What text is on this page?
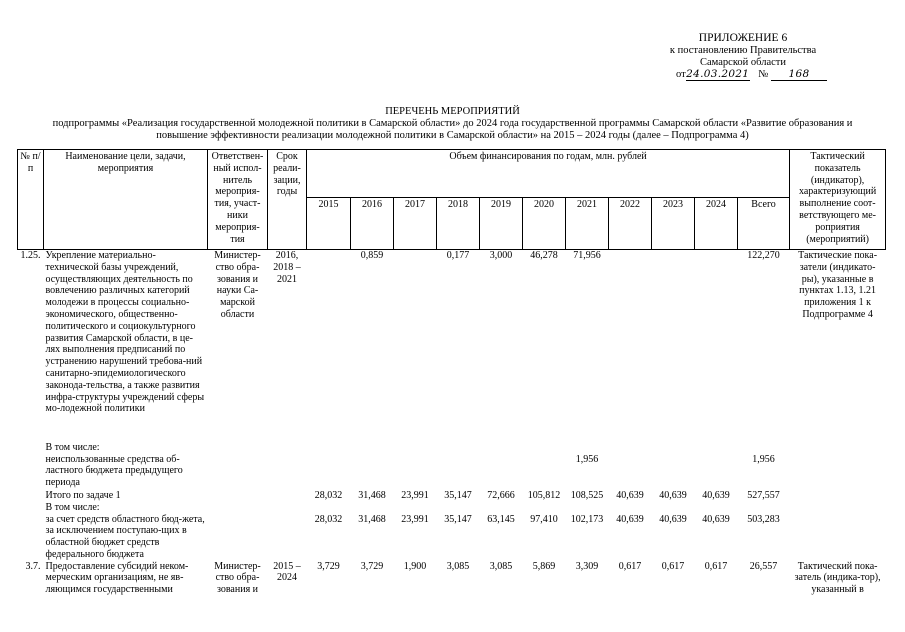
ПРИЛОЖЕНИЕ 6
к постановлению Правительства
Самарской области
от24.03.2021 № 168
ПЕРЕЧЕНЬ МЕРОПРИЯТИЙ
подпрограммы «Реализация государственной молодежной политики в Самарской области» до 2024 года государственной программы Самарской области «Развитие образования и
повышение эффективности реализации молодежной политики в Самарской области» на 2015 – 2024 годы (далее – Подпрограмма 4)
№ п/п	Наименование цели, задачи, мероприятия	Ответствен-ный испол-нитель мероприя-тия, участ-ники мероприя-тия	Срок реали-зации, годы	Объем финансирования по годам, млн. рублей											Тактический показатель (индикатор), характеризующий выполнение соот-ветствующего ме-роприятия (мероприятий)
				2015	2016	2017	2018	2019	2020	2021	2022	2023	2024	Всего	
1.25.	Укрепление материально-технической базы учреждений, осуществляющих деятельность по вовлечению различных категорий молодежи в процессы социально-экономического, общественно-политического и социокультурного развития Самарской области, в це-лях выполнения предписаний по устранению нарушений требова-ний санитарно-эпидемиологического законода-тельства, а также развития инфра-структуры учреждений сферы мо-лодежной политики	Министер-ство обра-зования и науки Са-марской области	2016, 2018 – 2021		0,859		0,177	3,000	46,278	71,956				122,270	Тактические пока-затели (индикато-ры), указанные в пунктах 1.13, 1.21 приложения 1 к Подпрограмме 4
	В том числе:														
	неиспользованные средства об-ластного бюджета предыдущего периода									1,956				1,956	
	Итого по задаче 1			28,032	31,468	23,991	35,147	72,666	105,812	108,525	40,639	40,639	40,639	527,557	
	В том числе:														
	за счет средств областного бюд-жета, за исключением поступаю-щих в областной бюджет средств федерального бюджета			28,032	31,468	23,991	35,147	63,145	97,410	102,173	40,639	40,639	40,639	503,283	
3.7.	Предоставление субсидий неком-мерческим организациям, не яв-ляющимся государственными	Министер-ство обра-зования и	2015 – 2024	3,729	3,729	1,900	3,085	3,085	5,869	3,309	0,617	0,617	0,617	26,557	Тактический пока-затель (индика-тор), указанный в
